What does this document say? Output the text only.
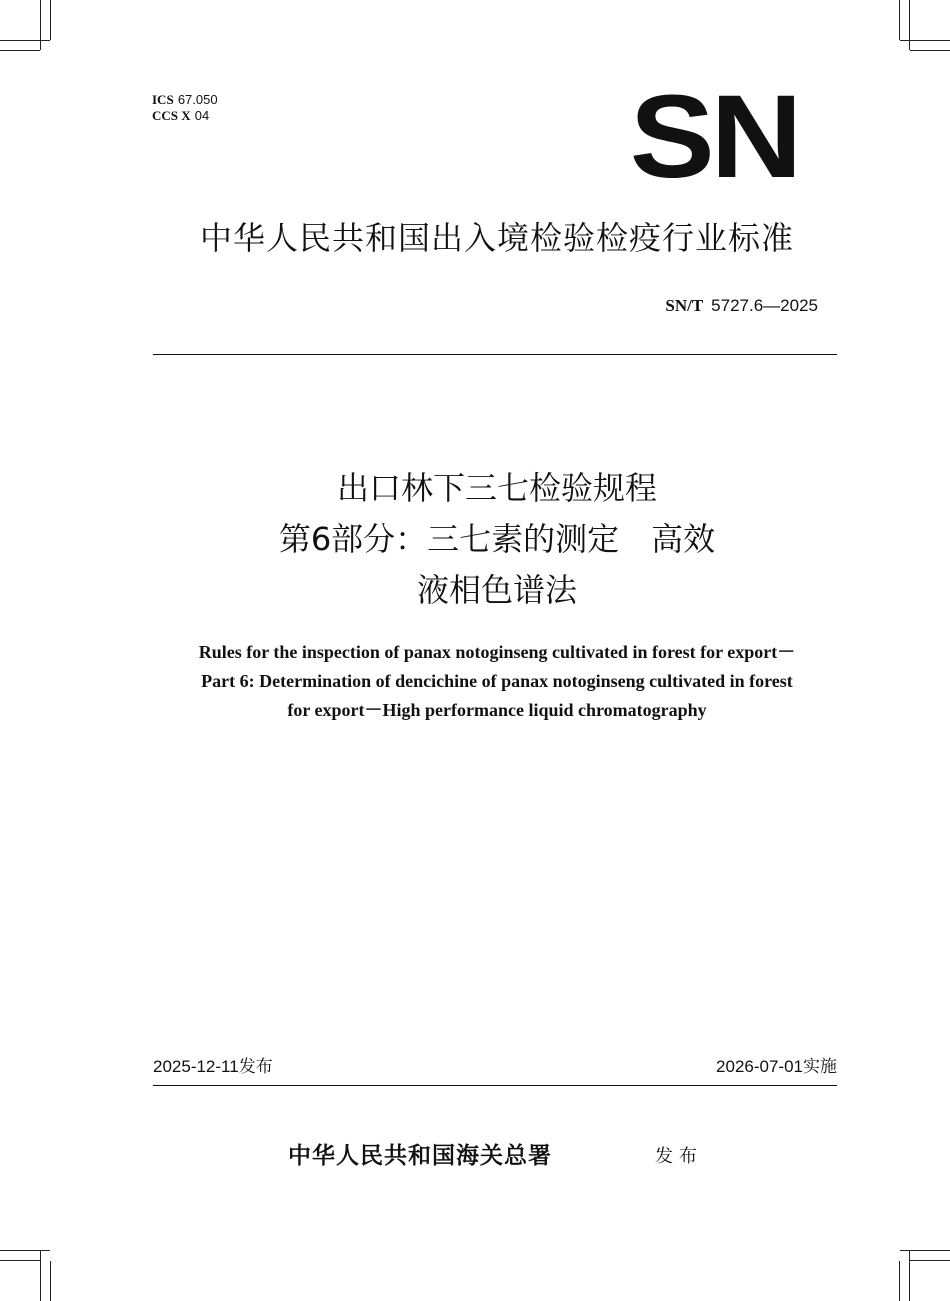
ICS 67.050
CCS X 04	SN
中华人民共和国出入境检验检疫行业标准
SN/T 5727.6—2025
出口林下三七检验规程
第6部分：三七素的测定　高效
液相色谱法
Rules for the inspection of panax notoginseng cultivated in forest for export－
Part 6: Determination of dencichine of panax notoginseng cultivated in forest
for export－High performance liquid chromatography
2025-12-11发布	2026-07-01实施
中华人民共和国海关总署	发布
